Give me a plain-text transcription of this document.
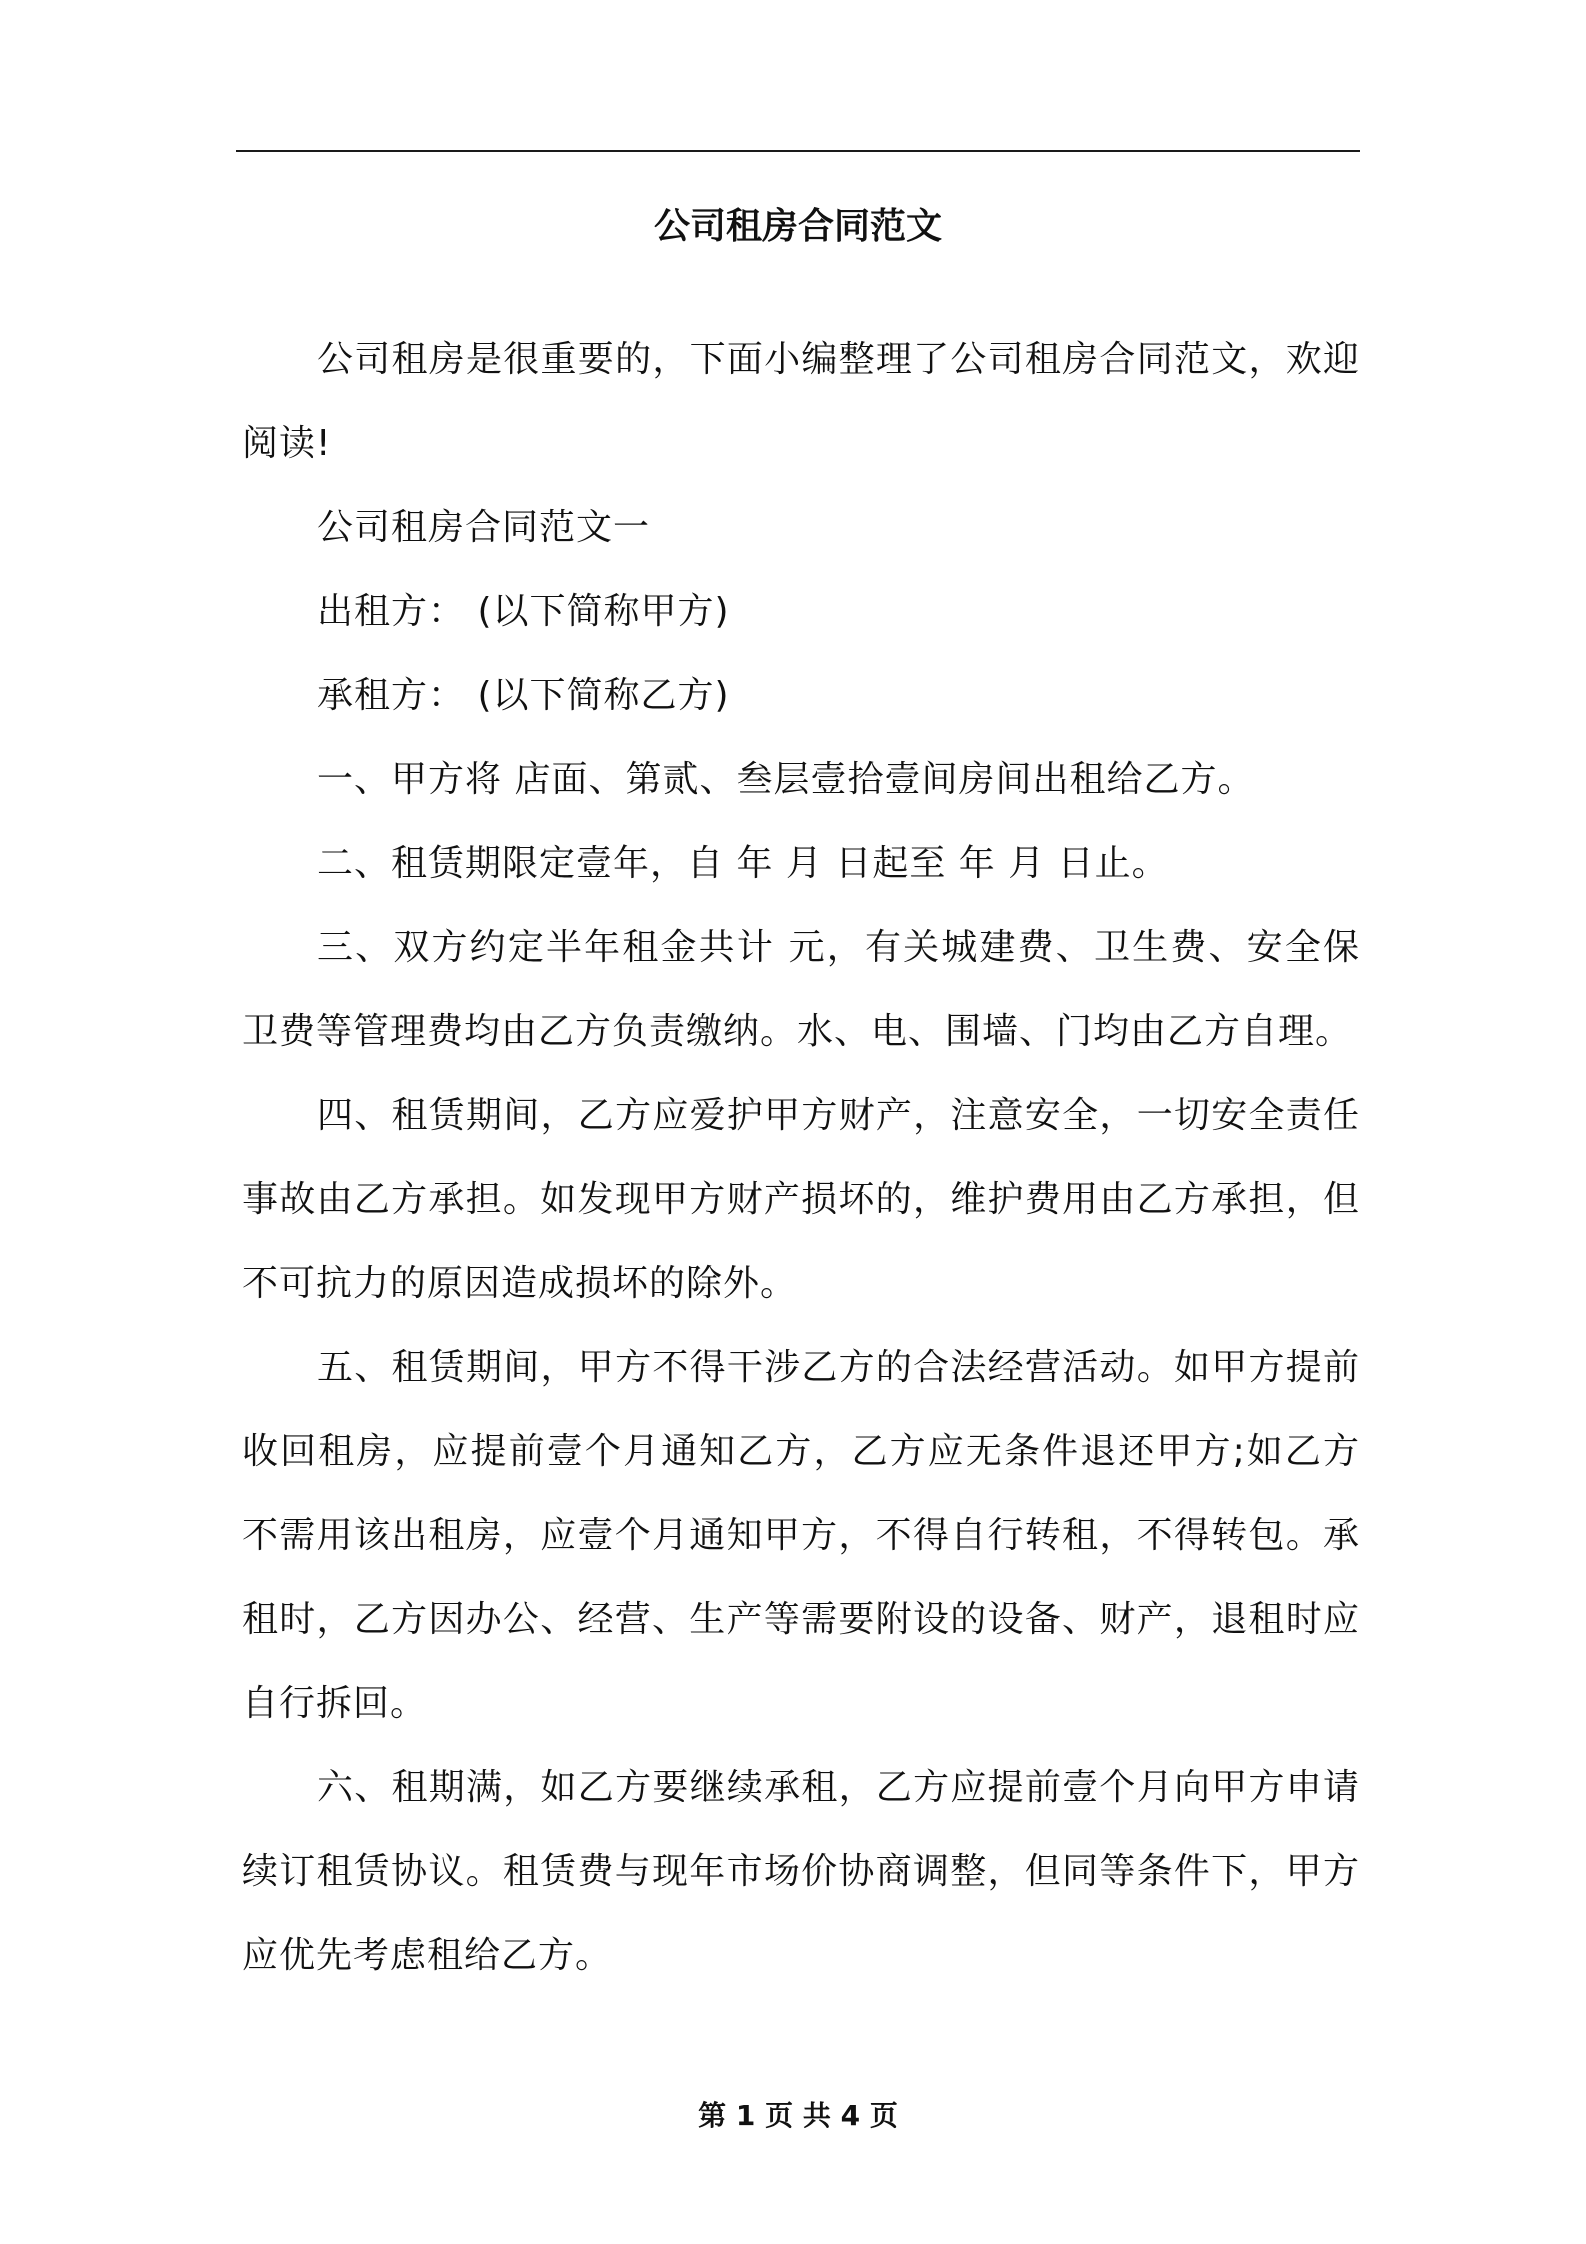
公司租房合同范文

公司租房是很重要的，下面小编整理了公司租房合同范文，欢迎阅读!

公司租房合同范文一

出租方： (以下简称甲方)

承租方： (以下简称乙方)

一、甲方将 店面、第贰、叁层壹拾壹间房间出租给乙方。

二、租赁期限定壹年，自 年 月 日起至 年 月 日止。

三、双方约定半年租金共计 元，有关城建费、卫生费、安全保卫费等管理费均由乙方负责缴纳。水、电、围墙、门均由乙方自理。

四、租赁期间，乙方应爱护甲方财产，注意安全，一切安全责任事故由乙方承担。如发现甲方财产损坏的，维护费用由乙方承担，但不可抗力的原因造成损坏的除外。

五、租赁期间，甲方不得干涉乙方的合法经营活动。如甲方提前收回租房，应提前壹个月通知乙方，乙方应无条件退还甲方;如乙方不需用该出租房，应壹个月通知甲方，不得自行转租，不得转包。承租时，乙方因办公、经营、生产等需要附设的设备、财产，退租时应自行拆回。

六、租期满，如乙方要继续承租，乙方应提前壹个月向甲方申请续订租赁协议。租赁费与现年市场价协商调整，但同等条件下，甲方应优先考虑租给乙方。

第 1 页 共 4 页
